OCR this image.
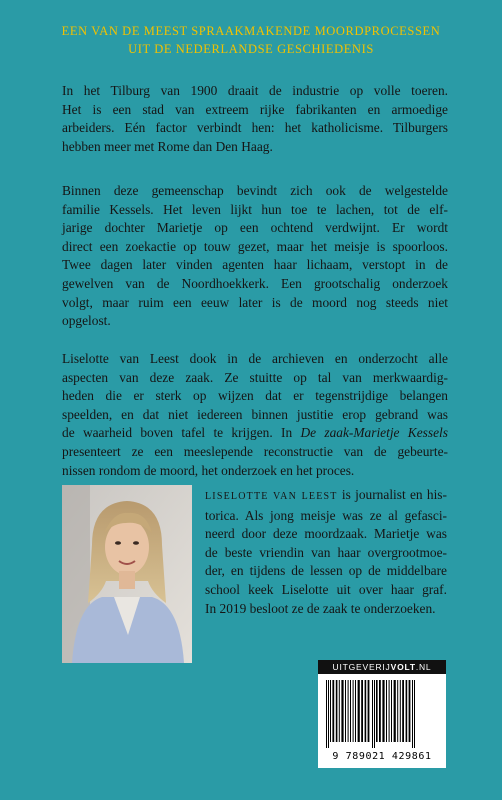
EEN VAN DE MEEST SPRAAKMAKENDE MOORDPROCESSEN
UIT DE NEDERLANDSE GESCHIEDENIS
In het Tilburg van 1900 draait de industrie op volle toeren.
Het is een stad van extreem rijke fabrikanten en armoedige
arbeiders. Eén factor verbindt hen: het katholicisme. Tilburgers
hebben meer met Rome dan Den Haag.
Binnen deze gemeenschap bevindt zich ook de welgestelde
familie Kessels. Het leven lijkt hun toe te lachen, tot de elf-
jarige dochter Marietje op een ochtend verdwijnt. Er wordt
direct een zoekactie op touw gezet, maar het meisje is spoorloos.
Twee dagen later vinden agenten haar lichaam, verstopt in de
gewelven van de Noordhoekkerk. Een grootschalig onderzoek
volgt, maar ruim een eeuw later is de moord nog steeds niet
opgelost.
Liselotte van Leest dook in de archieven en onderzocht alle
aspecten van deze zaak. Ze stuitte op tal van merkwaardig-
heden die er sterk op wijzen dat er tegenstrijdige belangen
speelden, en dat niet iedereen binnen justitie erop gebrand was
de waarheid boven tafel te krijgen. In De zaak-Marietje Kessels
presenteert ze een meeslepende reconstructie van de gebeurte-
nissen rondom de moord, het onderzoek en het proces.
LISELOTTE VAN LEEST is journalist en his-
torica. Als jong meisje was ze al gefasci-
neerd door deze moordzaak. Marietje was
de beste vriendin van haar overgrootmoe-
der, en tijdens de lessen op de middelbare
school keek Liselotte uit over haar graf.
In 2019 besloot ze de zaak te onderzoeken.
UITGEVERIJVOLT.NL
9 789021 429861
